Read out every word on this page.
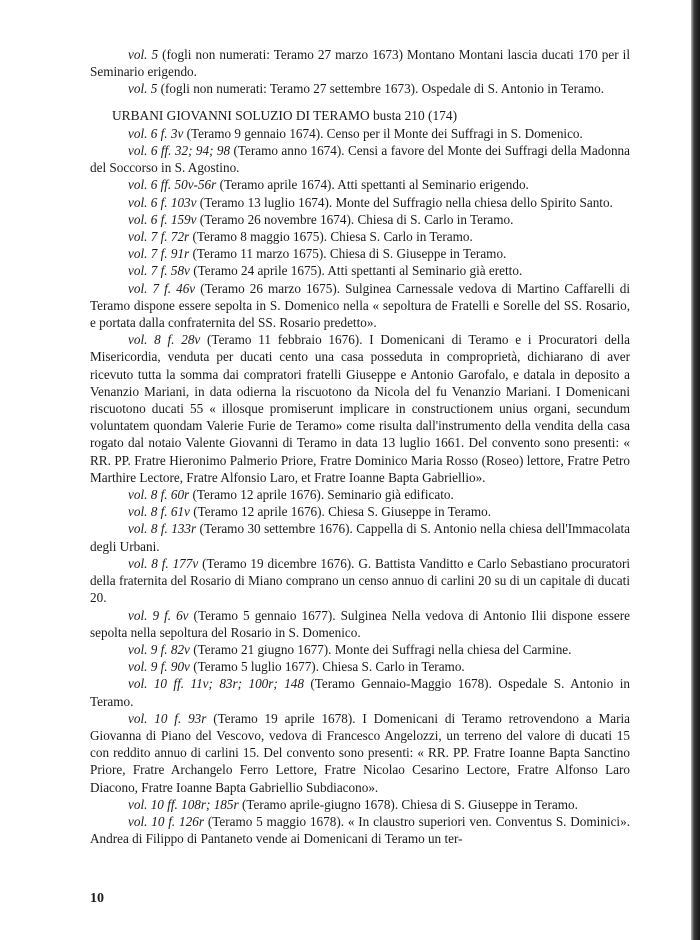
vol. 5 (fogli non numerati: Teramo 27 marzo 1673) Montano Montani lascia ducati 170 per il Seminario erigendo.

vol. 5 (fogli non numerati: Teramo 27 settembre 1673). Ospedale di S. Antonio in Teramo.

URBANI GIOVANNI SOLUZIO DI TERAMO busta 210 (174)

vol. 6 f. 3v (Teramo 9 gennaio 1674). Censo per il Monte dei Suffragi in S. Domenico.

vol. 6 ff. 32; 94; 98 (Teramo anno 1674). Censi a favore del Monte dei Suffragi della Madonna del Soccorso in S. Agostino.

vol. 6 ff. 50v-56r (Teramo aprile 1674). Atti spettanti al Seminario erigendo.

vol. 6 f. 103v (Teramo 13 luglio 1674). Monte del Suffragio nella chiesa dello Spirito Santo.

vol. 6 f. 159v (Teramo 26 novembre 1674). Chiesa di S. Carlo in Teramo.

vol. 7 f. 72r (Teramo 8 maggio 1675). Chiesa S. Carlo in Teramo.

vol. 7 f. 91r (Teramo 11 marzo 1675). Chiesa di S. Giuseppe in Teramo.

vol. 7 f. 58v (Teramo 24 aprile 1675). Atti spettanti al Seminario già eretto.

vol. 7 f. 46v (Teramo 26 marzo 1675). Sulginea Carnessale vedova di Martino Caffarelli di Teramo dispone essere sepolta in S. Domenico nella « sepoltura de Fratelli e Sorelle del SS. Rosario, e portata dalla confraternita del SS. Rosario predetto».

vol. 8 f. 28v (Teramo 11 febbraio 1676). I Domenicani di Teramo e i Procuratori della Misericordia, venduta per ducati cento una casa posseduta in comproprietà, dichiarano di aver ricevuto tutta la somma dai compratori fratelli Giuseppe e Antonio Garofalo, e datala in deposito a Venanzio Mariani, in data odierna la riscuotono da Nicola del fu Venanzio Mariani. I Domenicani riscuotono ducati 55 « illosque promiserunt implicare in constructionem unius organi, secundum voluntatem quondam Valerie Furie de Teramo» come risulta dall'instrumento della vendita della casa rogato dal notaio Valente Giovanni di Teramo in data 13 luglio 1661. Del convento sono presenti: « RR. PP. Fratre Hieronimo Palmerio Priore, Fratre Dominico Maria Rosso (Roseo) lettore, Fratre Petro Marthire Lectore, Fratre Alfonsio Laro, et Fratre Ioanne Bapta Gabriellio».

vol. 8 f. 60r (Teramo 12 aprile 1676). Seminario già edificato.

vol. 8 f. 61v (Teramo 12 aprile 1676). Chiesa S. Giuseppe in Teramo.

vol. 8 f. 133r (Teramo 30 settembre 1676). Cappella di S. Antonio nella chiesa dell'Immacolata degli Urbani.

vol. 8 f. 177v (Teramo 19 dicembre 1676). G. Battista Vanditto e Carlo Sebastiano procuratori della fraternita del Rosario di Miano comprano un censo annuo di carlini 20 su di un capitale di ducati 20.

vol. 9 f. 6v (Teramo 5 gennaio 1677). Sulginea Nella vedova di Antonio Ilii dispone essere sepolta nella sepoltura del Rosario in S. Domenico.

vol. 9 f. 82v (Teramo 21 giugno 1677). Monte dei Suffragi nella chiesa del Carmine.

vol. 9 f. 90v (Teramo 5 luglio 1677). Chiesa S. Carlo in Teramo.

vol. 10 ff. 11v; 83r; 100r; 148 (Teramo Gennaio-Maggio 1678). Ospedale S. Antonio in Teramo.

vol. 10 f. 93r (Teramo 19 aprile 1678). I Domenicani di Teramo retrovendono a Maria Giovanna di Piano del Vescovo, vedova di Francesco Angelozzi, un terreno del valore di ducati 15 con reddito annuo di carlini 15. Del convento sono presenti: « RR. PP. Fratre Ioanne Bapta Sanctino Priore, Fratre Archangelo Ferro Lettore, Fratre Nicolao Cesarino Lectore, Fratre Alfonso Laro Diacono, Fratre Ioanne Bapta Gabriellio Subdiacono».

vol. 10 ff. 108r; 185r (Teramo aprile-giugno 1678). Chiesa di S. Giuseppe in Teramo.

vol. 10 f. 126r (Teramo 5 maggio 1678). « In claustro superiori ven. Conventus S. Dominici». Andrea di Filippo di Pantaneto vende ai Domenicani di Teramo un ter-

10
